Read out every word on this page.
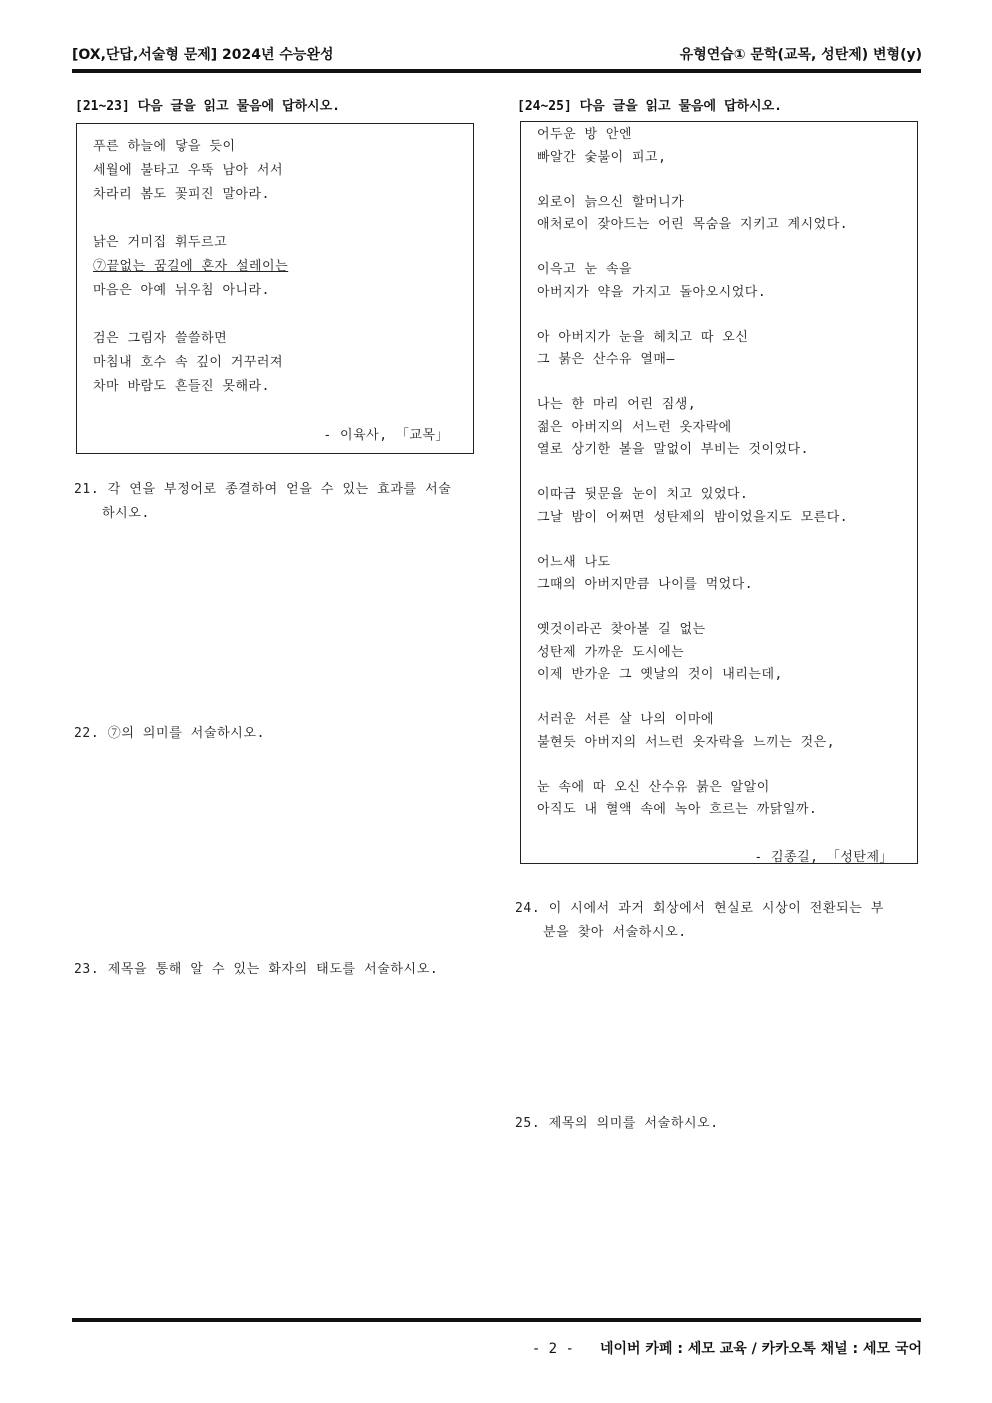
[OX,단답,서술형 문제] 2024년 수능완성	유형연습① 문학(교목, 성탄제) 변형(y)
[21~23] 다음 글을 읽고 물음에 답하시오.
푸른 하늘에 닿을 듯이
세월에 불타고 우뚝 남아 서서
차라리 봄도 꽃피진 말아라.
낡은 거미집 휘두르고
⑦끝없는 꿈길에 혼자 설레이는
마음은 아예 뉘우침 아니라.
검은 그림자 쓸쓸하면
마침내 호수 속 깊이 거꾸러져
차마 바람도 흔들진 못해라.
- 이육사, 「교목」
21. 각 연을 부정어로 종결하여 얻을 수 있는 효과를 서술
하시오.
22. ⑦의 의미를 서술하시오.
23. 제목을 통해 알 수 있는 화자의 태도를 서술하시오.
[24~25] 다음 글을 읽고 물음에 답하시오.
어두운 방 안엔
빠알간 숯불이 피고,
외로이 늙으신 할머니가
애처로이 잦아드는 어린 목숨을 지키고 계시었다.
이윽고 눈 속을
아버지가 약을 가지고 돌아오시었다.
아 아버지가 눈을 헤치고 따 오신
그 붉은 산수유 열매—
나는 한 마리 어린 짐생,
젊은 아버지의 서느런 옷자락에
열로 상기한 볼을 말없이 부비는 것이었다.
이따금 뒷문을 눈이 치고 있었다.
그날 밤이 어쩌면 성탄제의 밤이었을지도 모른다.
어느새 나도
그때의 아버지만큼 나이를 먹었다.
옛것이라곤 찾아볼 길 없는
성탄제 가까운 도시에는
이제 반가운 그 옛날의 것이 내리는데,
서러운 서른 살 나의 이마에
불현듯 아버지의 서느런 옷자락을 느끼는 것은,
눈 속에 따 오신 산수유 붉은 알알이
아직도 내 혈액 속에 녹아 흐르는 까닭일까.
- 김종길, 「성탄제」
24. 이 시에서 과거 회상에서 현실로 시상이 전환되는 부
분을 찾아 서술하시오.
25. 제목의 의미를 서술하시오.
- 2 - 네이버 카페 : 세모 교육 / 카카오톡 채널 : 세모 국어
